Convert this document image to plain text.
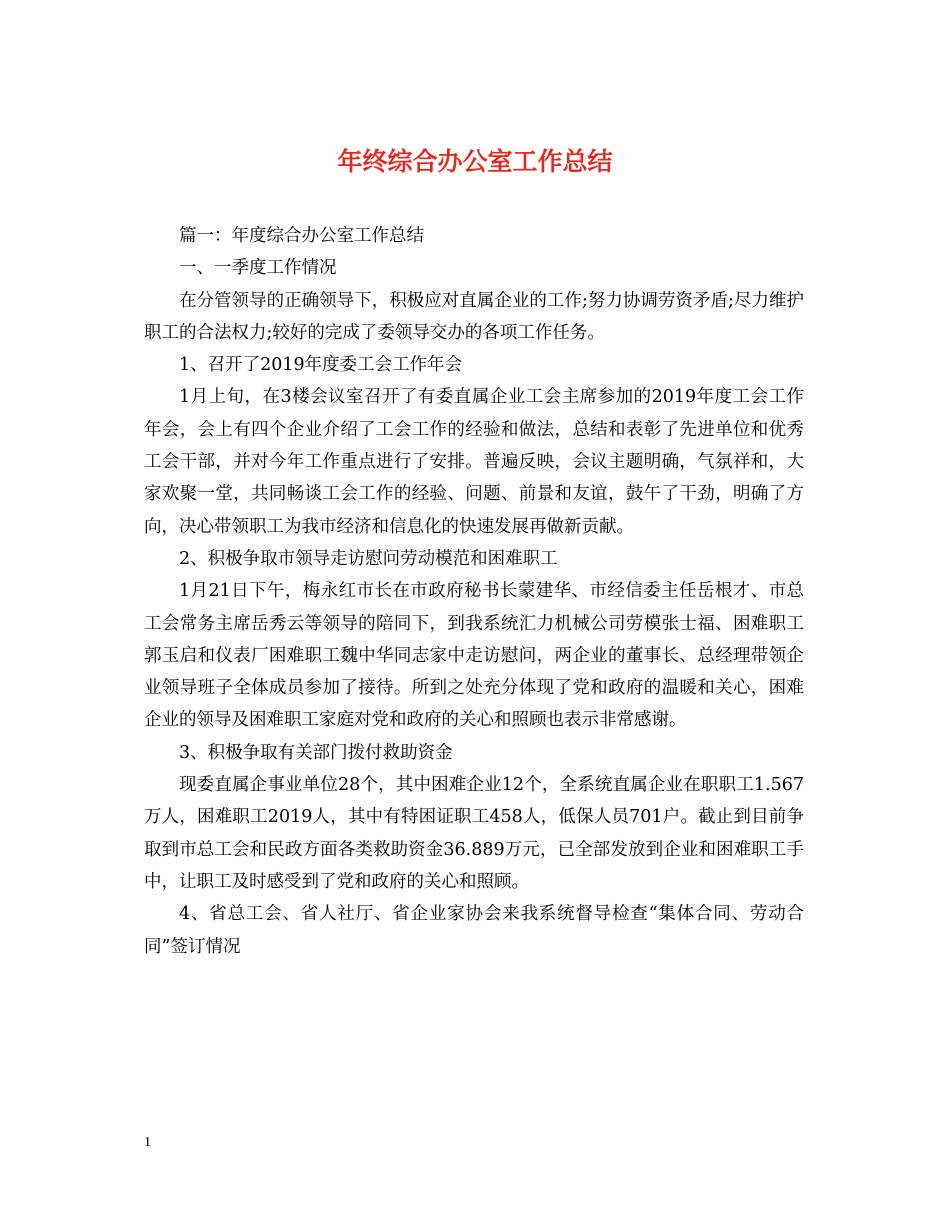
年终综合办公室工作总结

篇一：年度综合办公室工作总结

一、一季度工作情况

在分管领导的正确领导下，积极应对直属企业的工作;努力协调劳资矛盾;尽力维护职工的合法权力;较好的完成了委领导交办的各项工作任务。

1、召开了2019年度委工会工作年会

1月上旬，在3楼会议室召开了有委直属企业工会主席参加的2019年度工会工作年会，会上有四个企业介绍了工会工作的经验和做法，总结和表彰了先进单位和优秀工会干部，并对今年工作重点进行了安排。普遍反映，会议主题明确，气氛祥和，大家欢聚一堂，共同畅谈工会工作的经验、问题、前景和友谊，鼓午了干劲，明确了方向，决心带领职工为我市经济和信息化的快速发展再做新贡献。

2、积极争取市领导走访慰问劳动模范和困难职工

1月21日下午，梅永红市长在市政府秘书长蒙建华、市经信委主任岳根才、市总工会常务主席岳秀云等领导的陪同下，到我系统汇力机械公司劳模张士福、困难职工郭玉启和仪表厂困难职工魏中华同志家中走访慰问，两企业的董事长、总经理带领企业领导班子全体成员参加了接待。所到之处充分体现了党和政府的温暖和关心，困难企业的领导及困难职工家庭对党和政府的关心和照顾也表示非常感谢。

3、积极争取有关部门拨付救助资金

现委直属企事业单位28个，其中困难企业12个，全系统直属企业在职职工1.567万人，困难职工2019人，其中有特困证职工458人，低保人员701户。截止到目前争取到市总工会和民政方面各类救助资金36.889万元，已全部发放到企业和困难职工手中，让职工及时感受到了党和政府的关心和照顾。

4、省总工会、省人社厅、省企业家协会来我系统督导检查“集体合同、劳动合同”签订情况

1
